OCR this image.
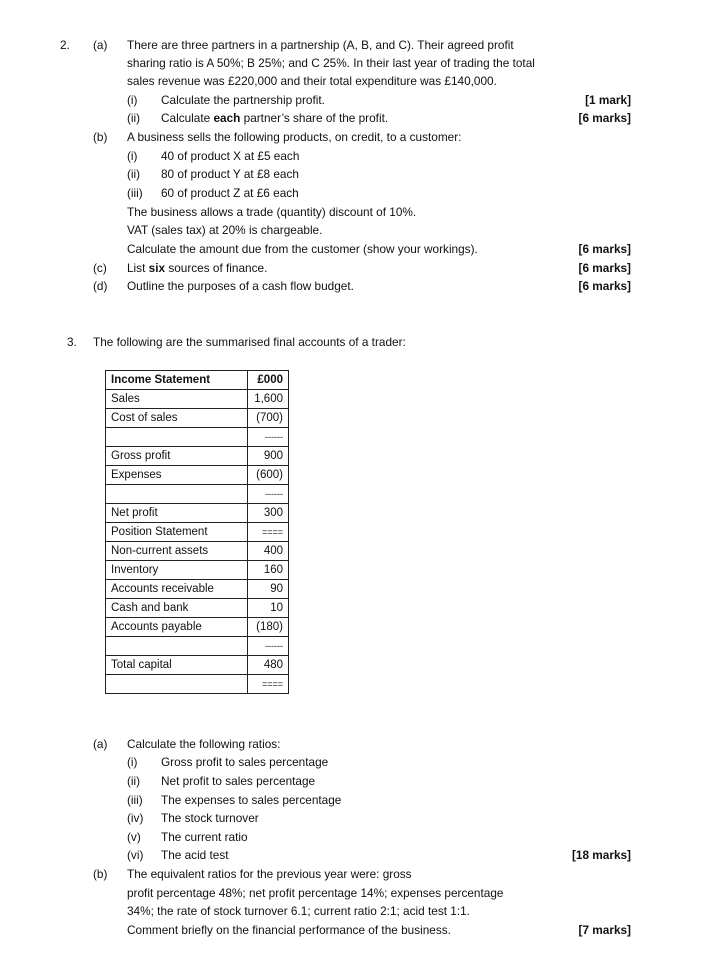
2. (a) There are three partners in a partnership (A, B, and C). Their agreed profit
sharing ratio is A 50%; B 25%; and C 25%. In their last year of trading the total
sales revenue was £220,000 and their total expenditure was £140,000.
(i) Calculate the partnership profit.	[1 mark]
(ii) Calculate each partner’s share of the profit.	[6 marks]
(b) A business sells the following products, on credit, to a customer:
(i) 40 of product X at £5 each
(ii) 80 of product Y at £8 each
(iii) 60 of product Z at £6 each
The business allows a trade (quantity) discount of 10%.
VAT (sales tax) at 20% is chargeable.
Calculate the amount due from the customer (show your workings).	[6 marks]
(c) List six sources of finance.	[6 marks]
(d) Outline the purposes of a cash flow budget.	[6 marks]
3. The following are the summarised final accounts of a trader:
Income Statement	£000
Sales	1,600
Cost of sales	(700)
	------
Gross profit	900
Expenses	(600)
	------
Net profit	300
Position Statement	====
Non-current assets	400
Inventory	160
Accounts receivable	90
Cash and bank	10
Accounts payable	(180)
	------
Total capital	480
	====
(a) Calculate the following ratios:
(i) Gross profit to sales percentage
(ii) Net profit to sales percentage
(iii) The expenses to sales percentage
(iv) The stock turnover
(v) The current ratio
(vi) The acid test	[18 marks]
(b) The equivalent ratios for the previous year were: gross
profit percentage 48%; net profit percentage 14%; expenses percentage
34%; the rate of stock turnover 6.1; current ratio 2:1; acid test 1:1.
Comment briefly on the financial performance of the business.	[7 marks]
